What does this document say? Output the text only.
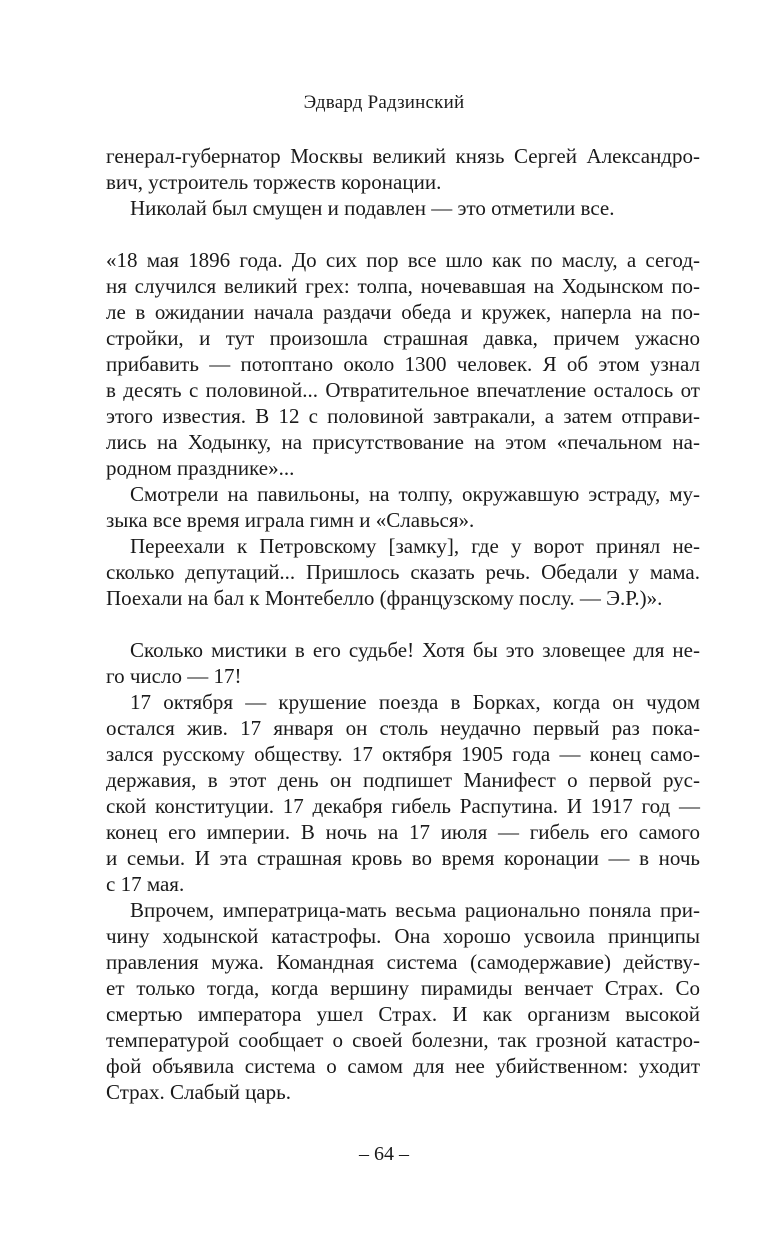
Эдвард Радзинский
генерал-губернатор Москвы великий князь Сергей Александро-
вич, устроитель торжеств коронации.
Николай был смущен и подавлен — это отметили все.
«18 мая 1896 года. До сих пор все шло как по маслу, а сегод-
ня случился великий грех: толпа, ночевавшая на Ходынском по-
ле в ожидании начала раздачи обеда и кружек, наперла на по-
стройки, и тут произошла страшная давка, причем ужасно
прибавить — потоптано около 1300 человек. Я об этом узнал
в десять с половиной... Отвратительное впечатление осталось от
этого известия. В 12 с половиной завтракали, а затем отправи-
лись на Ходынку, на присутствование на этом «печальном на-
родном празднике»...
Смотрели на павильоны, на толпу, окружавшую эстраду, му-
зыка все время играла гимн и «Славься».
Переехали к Петровскому [замку], где у ворот принял не-
сколько депутаций... Пришлось сказать речь. Обедали у мама.
Поехали на бал к Монтебелло (французскому послу. — Э.Р.)».
Сколько мистики в его судьбе! Хотя бы это зловещее для не-
го число — 17!
17 октября — крушение поезда в Борках, когда он чудом
остался жив. 17 января он столь неудачно первый раз пока-
зался русскому обществу. 17 октября 1905 года — конец само-
державия, в этот день он подпишет Манифест о первой рус-
ской конституции. 17 декабря гибель Распутина. И 1917 год —
конец его империи. В ночь на 17 июля — гибель его самого
и семьи. И эта страшная кровь во время коронации — в ночь
с 17 мая.
Впрочем, императрица-мать весьма рационально поняла при-
чину ходынской катастрофы. Она хорошо усвоила принципы
правления мужа. Командная система (самодержавие) действу-
ет только тогда, когда вершину пирамиды венчает Страх. Со
смертью императора ушел Страх. И как организм высокой
температурой сообщает о своей болезни, так грозной катастро-
фой объявила система о самом для нее убийственном: уходит
Страх. Слабый царь.
– 64 –
